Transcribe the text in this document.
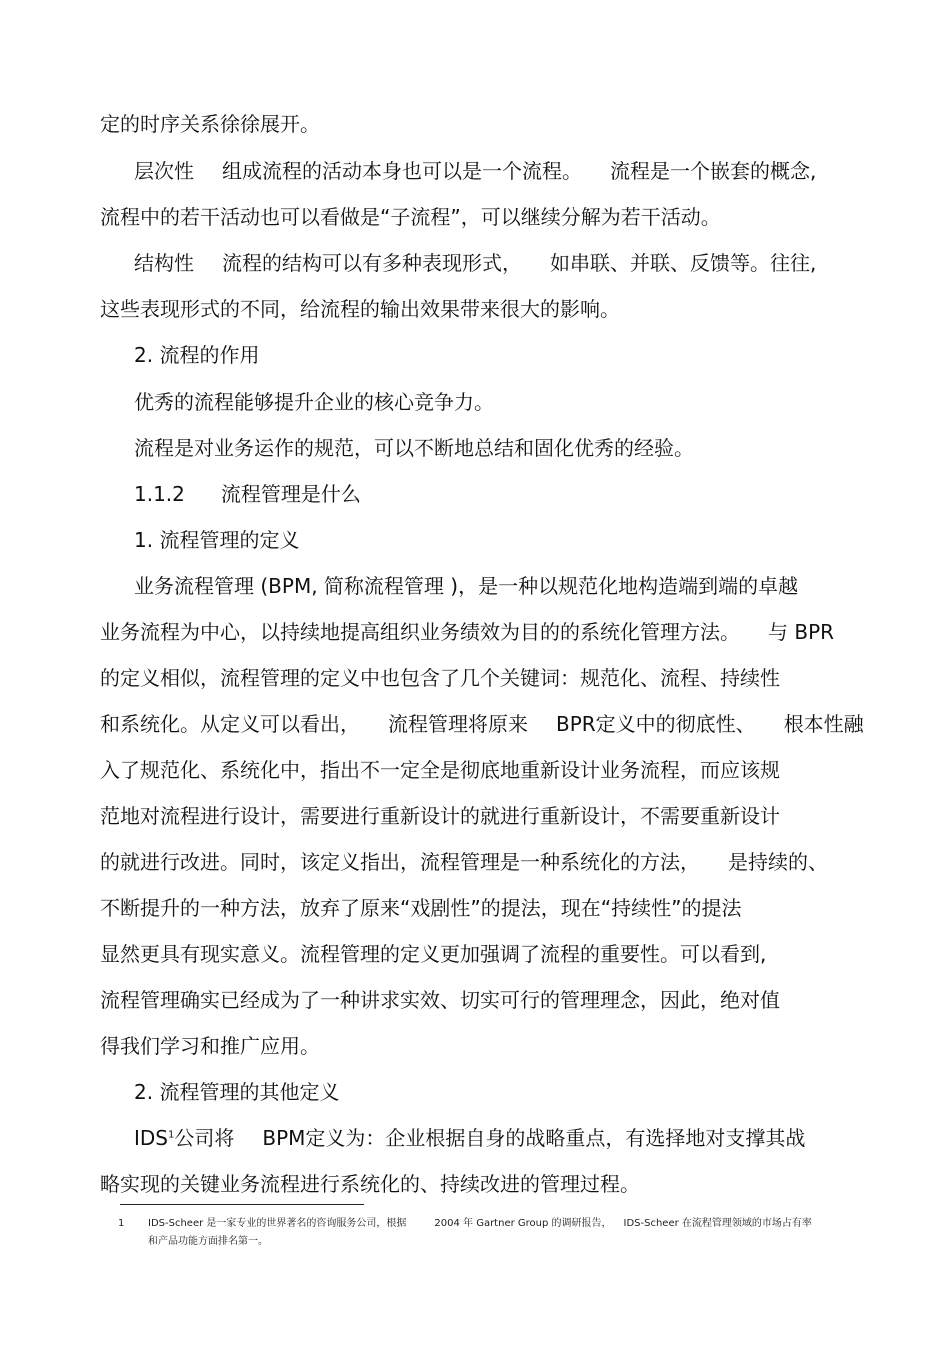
定的时序关系徐徐展开。
层次性 组成流程的活动本身也可以是一个流程。 流程是一个嵌套的概念,
流程中的若干活动也可以看做是“子流程”，可以继续分解为若干活动。
结构性 流程的结构可以有多种表现形式， 如串联、并联、反馈等。往往,
这些表现形式的不同，给流程的输出效果带来很大的影响。
2. 流程的作用
优秀的流程能够提升企业的核心竞争力。
流程是对业务运作的规范，可以不断地总结和固化优秀的经验。
1.1.2 流程管理是什么
1. 流程管理的定义
业务流程管理 (BPM, 简称流程管理 )，是一种以规范化地构造端到端的卓越
业务流程为中心，以持续地提高组织业务绩效为目的的系统化管理方法。 与 BPR
的定义相似，流程管理的定义中也包含了几个关键词：规范化、流程、持续性
和系统化。从定义可以看出， 流程管理将原来 BPR定义中的彻底性、 根本性融
入了规范化、系统化中，指出不一定全是彻底地重新设计业务流程，而应该规
范地对流程进行设计，需要进行重新设计的就进行重新设计，不需要重新设计
的就进行改进。同时，该定义指出，流程管理是一种系统化的方法， 是持续的、
不断提升的一种方法，放弃了原来“戏剧性”的提法，现在“持续性”的提法
显然更具有现实意义。流程管理的定义更加强调了流程的重要性。可以看到,
流程管理确实已经成为了一种讲求实效、切实可行的管理理念，因此，绝对值
得我们学习和推广应用。
2. 流程管理的其他定义
IDS$^1$公司将 BPM定义为：企业根据自身的战略重点，有选择地对支撑其战
略实现的关键业务流程进行系统化的、持续改进的管理过程。
1 IDS-Scheer 是一家专业的世界著名的咨询服务公司，根据	2004 年 Gartner Group 的调研报告， IDS-Scheer 在流程管理领域的市场占有率
和产品功能方面排名第一。
